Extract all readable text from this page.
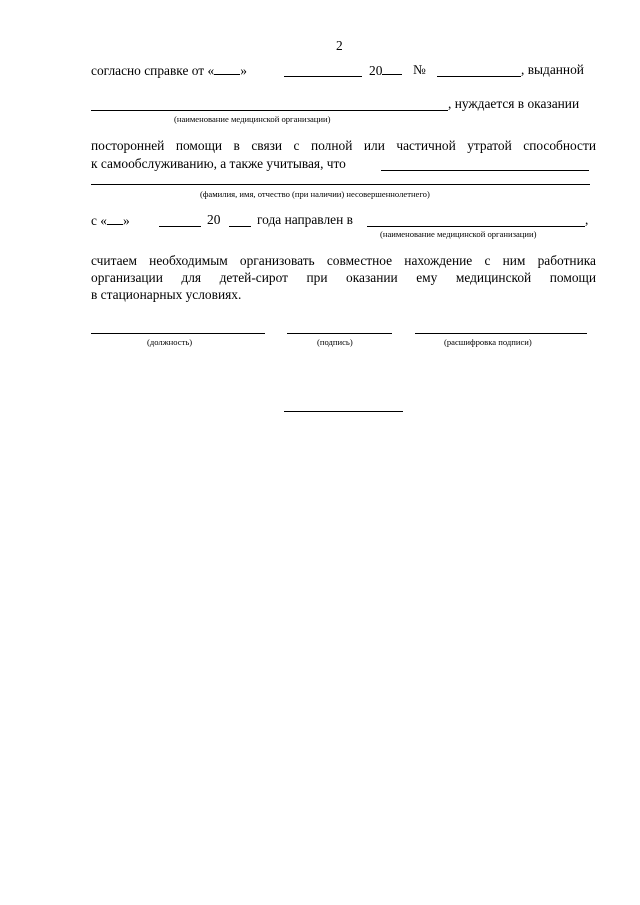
2
согласно справке от « »	20	№	, выданной
, нуждается в оказании
(наименование медицинской организации)
посторонней помощи в связи с полной или частичной утратой способности
к самообслуживанию, а также учитывая, что
(фамилия, имя, отчество (при наличии) несовершеннолетнего)
с « »	20	года направлен в	,
(наименование медицинской организации)
считаем необходимым организовать совместное нахождение с ним работника
организации для детей-сирот при оказании ему медицинской помощи
в стационарных условиях.
(должность)	(подпись)	(расшифровка подписи)
